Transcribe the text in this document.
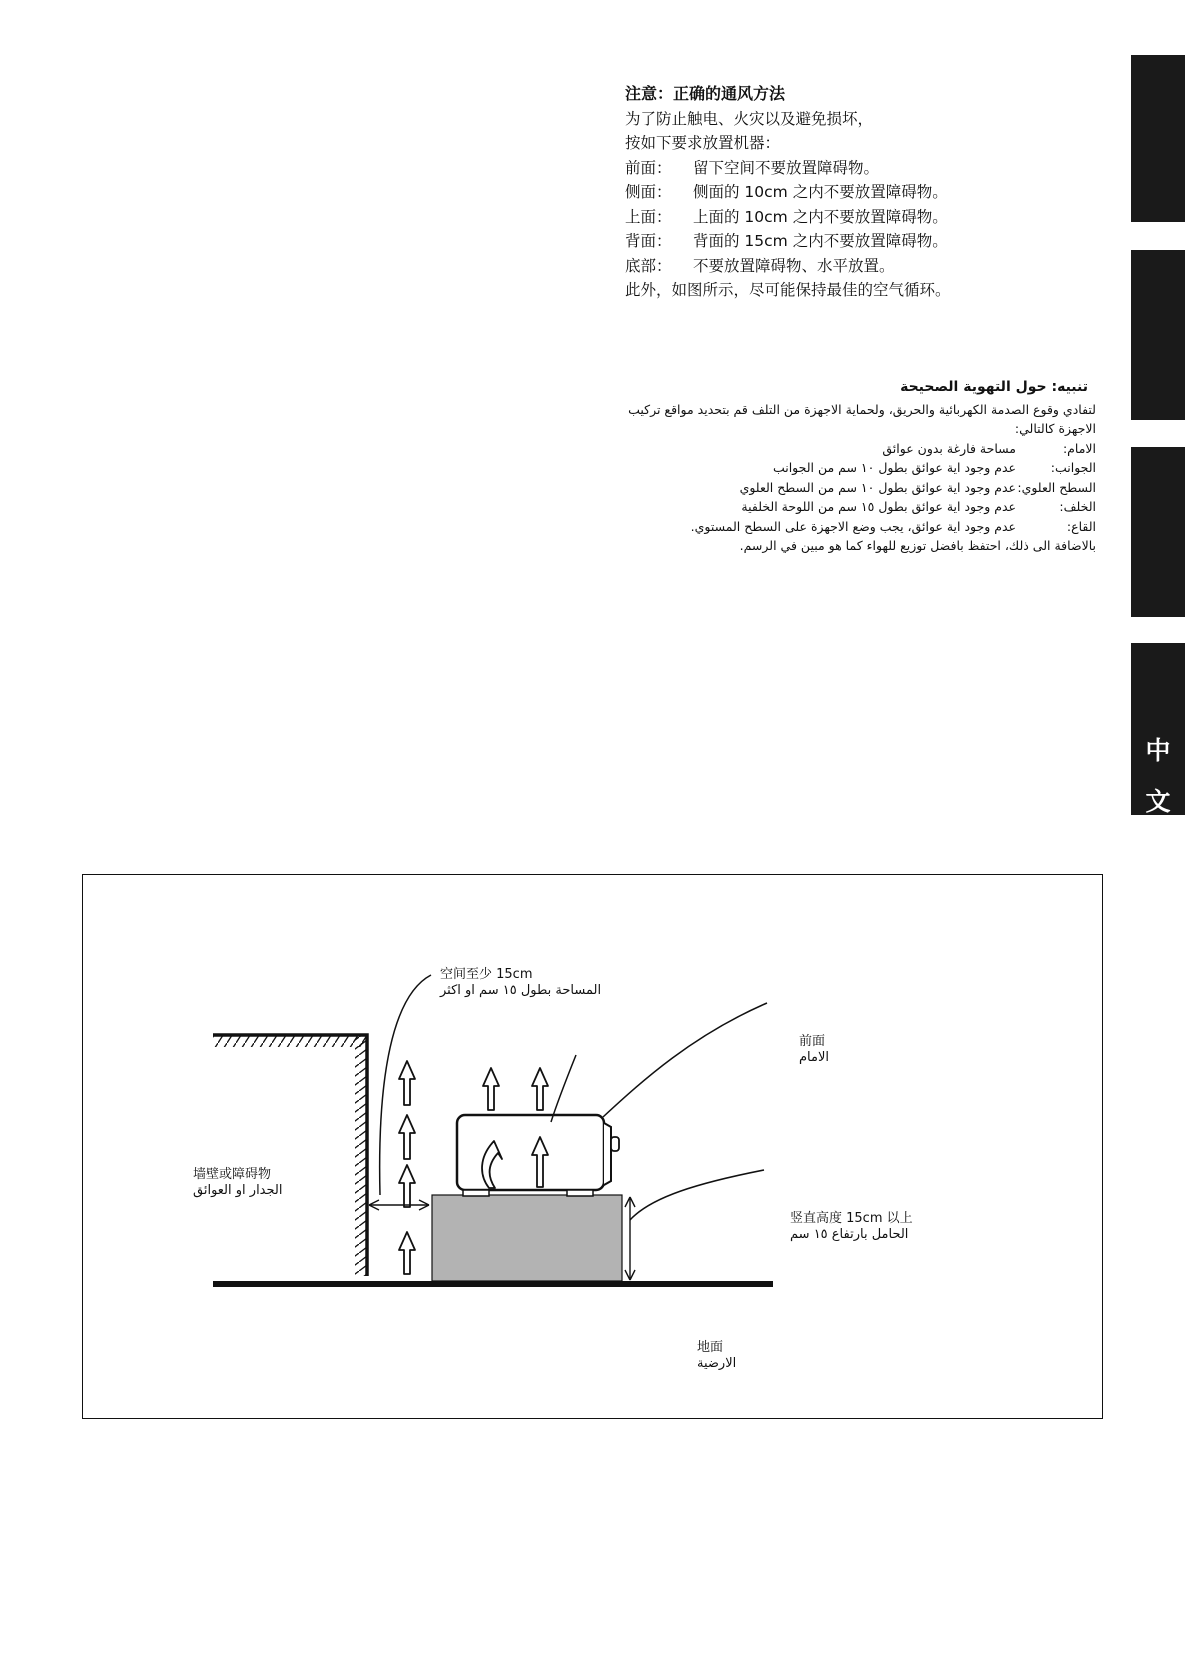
注意：正确的通风方法
为了防止触电、火灾以及避免损坏，
按如下要求放置机器：
前面：	留下空间不要放置障碍物。
侧面：	侧面的 10cm 之内不要放置障碍物。
上面：	上面的 10cm 之内不要放置障碍物。
背面：	背面的 15cm 之内不要放置障碍物。
底部：	不要放置障碍物、水平放置。
此外，如图所示，尽可能保持最佳的空气循环。
تنبيه: حول التهوية الصحيحة
لتفادي وقوع الصدمة الكهربائية والحريق، ولحماية الاجهزة من التلف قم بتحديد مواقع تركيب
الاجهزة كالتالي:
الامام:
مساحة فارغة بدون عوائق
الجوانب:
عدم وجود اية عوائق بطول ١٠ سم من الجوانب
السطح العلوي:
عدم وجود اية عوائق بطول ١٠ سم من السطح العلوي
الخلف:
عدم وجود اية عوائق بطول ١٥ سم من اللوحة الخلفية
القاع:
عدم وجود اية عوائق، يجب وضع الاجهزة على السطح المستوي.
بالاضافة الى ذلك، احتفظ بافضل توزيع للهواء كما هو مبين في الرسم.
中
文
空间至少 15cm
المساحة بطول ١٥ سم او اكثر
前面
الامام
墙壁或障碍物
الجدار او العوائق
竖直高度 15cm 以上
الحامل بارتفاع ١٥ سم
地面
الارضية
